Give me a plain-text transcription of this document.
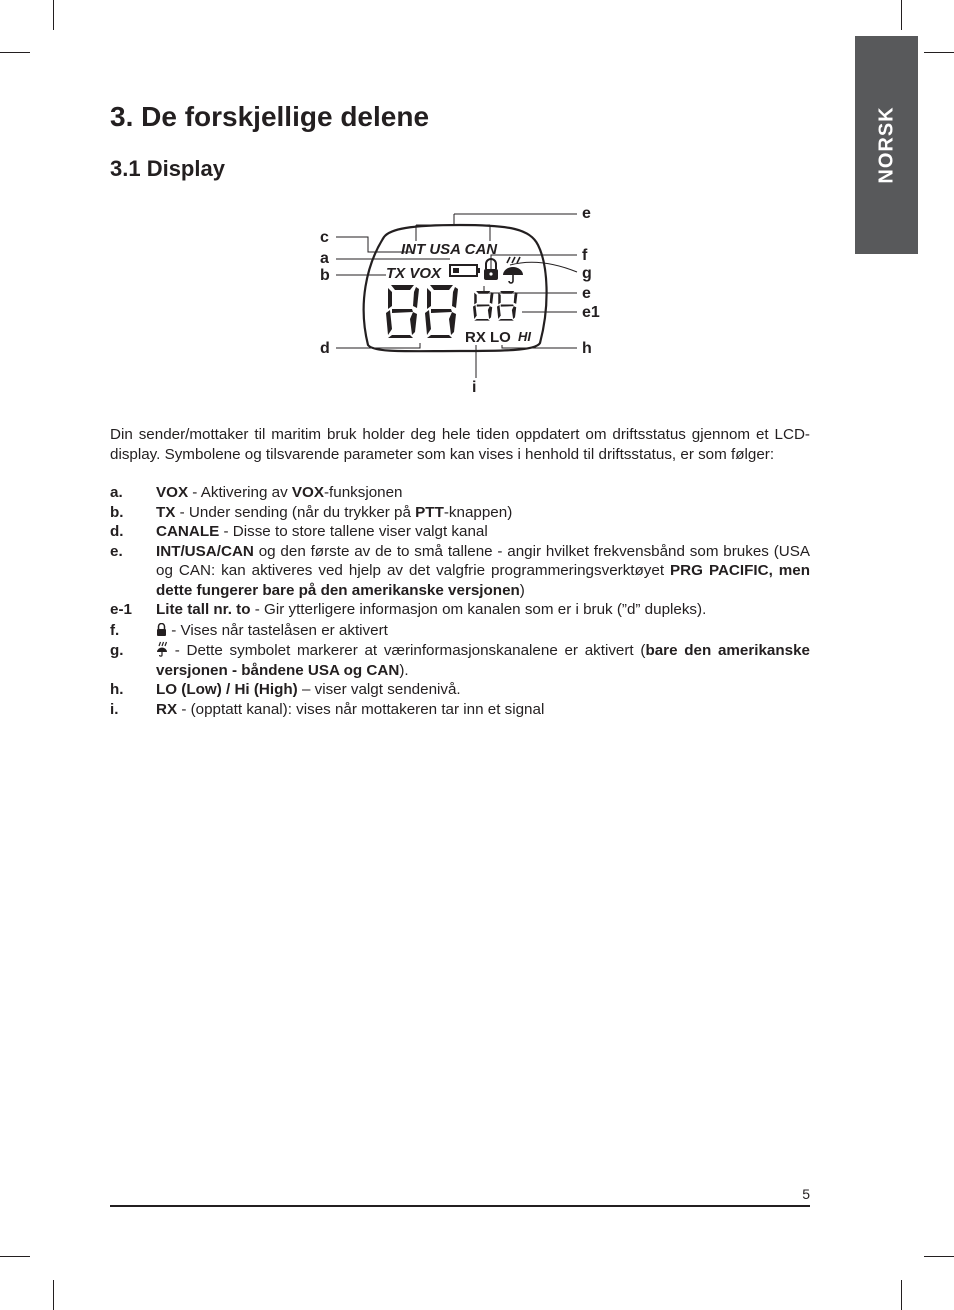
NORSK
3. De forskjellige delene
3.1 Display
INT USA CAN
TX VOX
RX LO HI
c
a
b
d
e
f
g
e
e1
h
i

Din sender/mottaker til maritim bruk holder deg hele tiden oppdatert om driftsstatus gjennom et LCD-display. Symbolene og tilsvarende parameter som kan vises i henhold til driftsstatus, er som følger:

a.	VOX - Aktivering av VOX-funksjonen
b.	TX - Under sending (når du trykker på PTT-knappen)
d.	CANALE - Disse to store tallene viser valgt kanal
e.	INT/USA/CAN og den første av de to små tallene - angir hvilket frekvensbånd som brukes (USA og CAN: kan aktiveres ved hjelp av det valgfrie programmeringsverktøyet PRG PACIFIC, men dette fungerer bare på den amerikanske versjonen)
e-1	Lite tall nr. to - Gir ytterligere informasjon om kanalen som er i bruk (”d” dupleks).
f.	- Vises når tastelåsen er aktivert
g.	- Dette symbolet markerer at værinformasjonskanalene er aktivert (bare den amerikanske versjonen - båndene USA og CAN).
h.	LO (Low) / Hi (High) – viser valgt sendenivå.
i.	RX - (opptatt kanal): vises når mottakeren tar inn et signal
5
